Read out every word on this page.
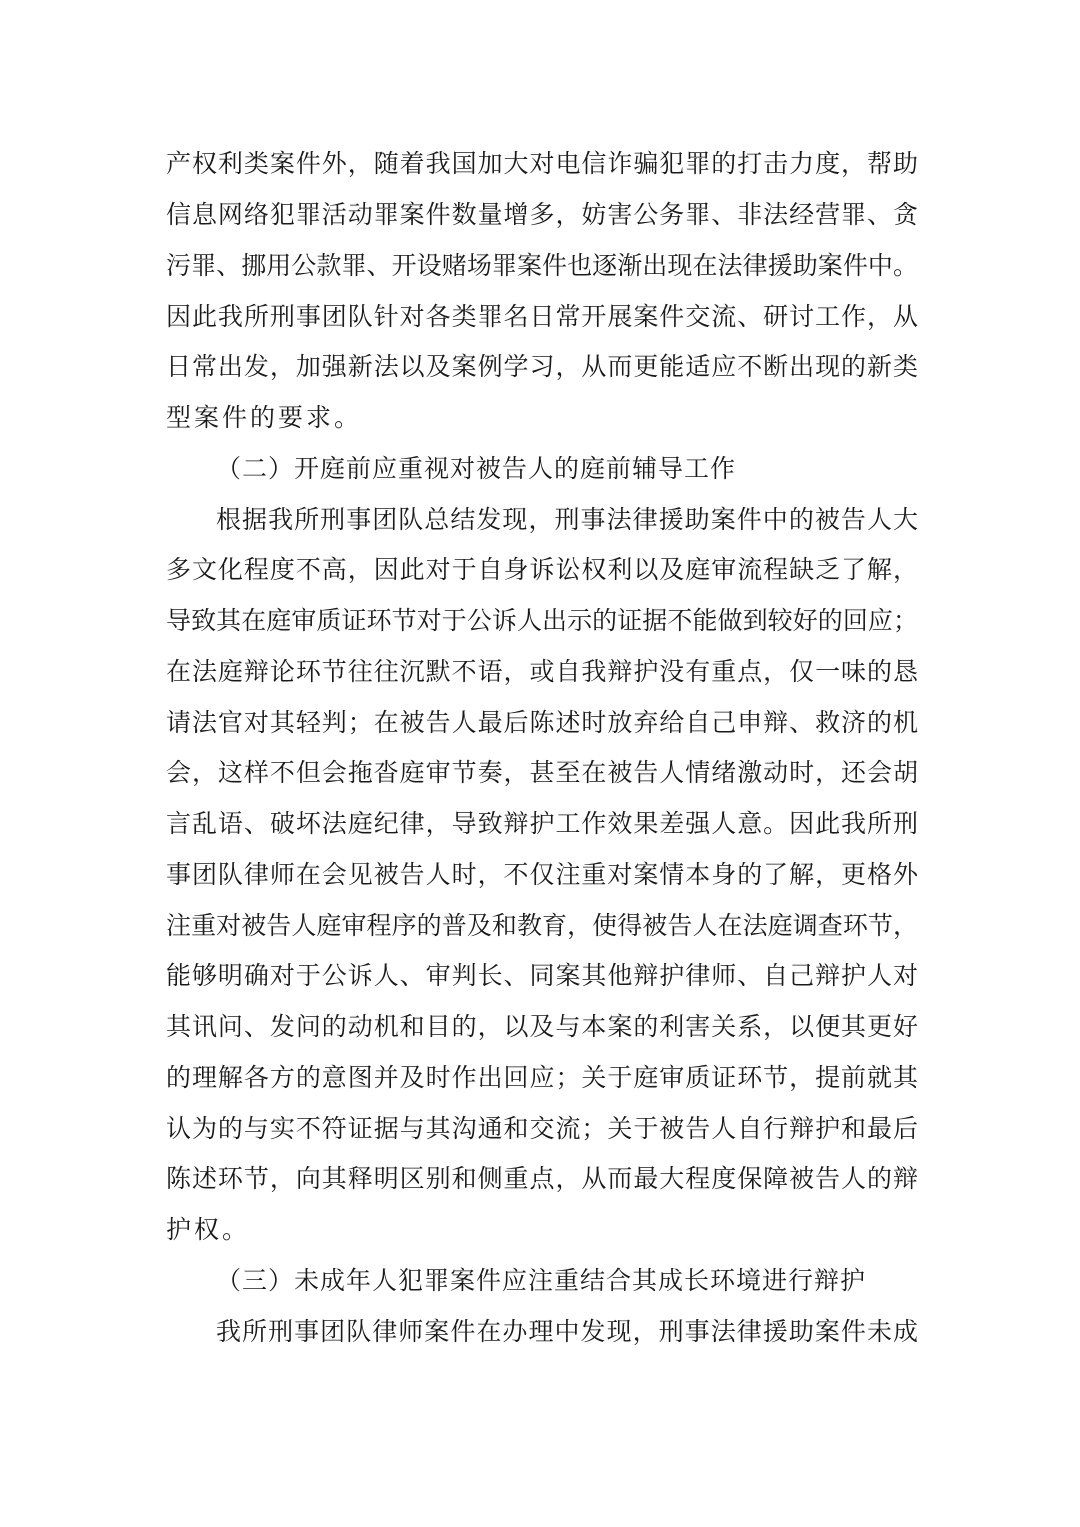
产权利类案件外，随着我国加大对电信诈骗犯罪的打击力度，帮助
信息网络犯罪活动罪案件数量增多，妨害公务罪、非法经营罪、贪
污罪、挪用公款罪、开设赌场罪案件也逐渐出现在法律援助案件中。
因此我所刑事团队针对各类罪名日常开展案件交流、研讨工作，从
日常出发，加强新法以及案例学习，从而更能适应不断出现的新类
型案件的要求。
（二）开庭前应重视对被告人的庭前辅导工作
根据我所刑事团队总结发现，刑事法律援助案件中的被告人大
多文化程度不高，因此对于自身诉讼权利以及庭审流程缺乏了解，
导致其在庭审质证环节对于公诉人出示的证据不能做到较好的回应；
在法庭辩论环节往往沉默不语，或自我辩护没有重点，仅一味的恳
请法官对其轻判；在被告人最后陈述时放弃给自己申辩、救济的机
会，这样不但会拖沓庭审节奏，甚至在被告人情绪激动时，还会胡
言乱语、破坏法庭纪律，导致辩护工作效果差强人意。因此我所刑
事团队律师在会见被告人时，不仅注重对案情本身的了解，更格外
注重对被告人庭审程序的普及和教育，使得被告人在法庭调查环节，
能够明确对于公诉人、审判长、同案其他辩护律师、自己辩护人对
其讯问、发问的动机和目的，以及与本案的利害关系，以便其更好
的理解各方的意图并及时作出回应；关于庭审质证环节，提前就其
认为的与实不符证据与其沟通和交流；关于被告人自行辩护和最后
陈述环节，向其释明区别和侧重点，从而最大程度保障被告人的辩
护权。
（三）未成年人犯罪案件应注重结合其成长环境进行辩护
我所刑事团队律师案件在办理中发现，刑事法律援助案件未成
